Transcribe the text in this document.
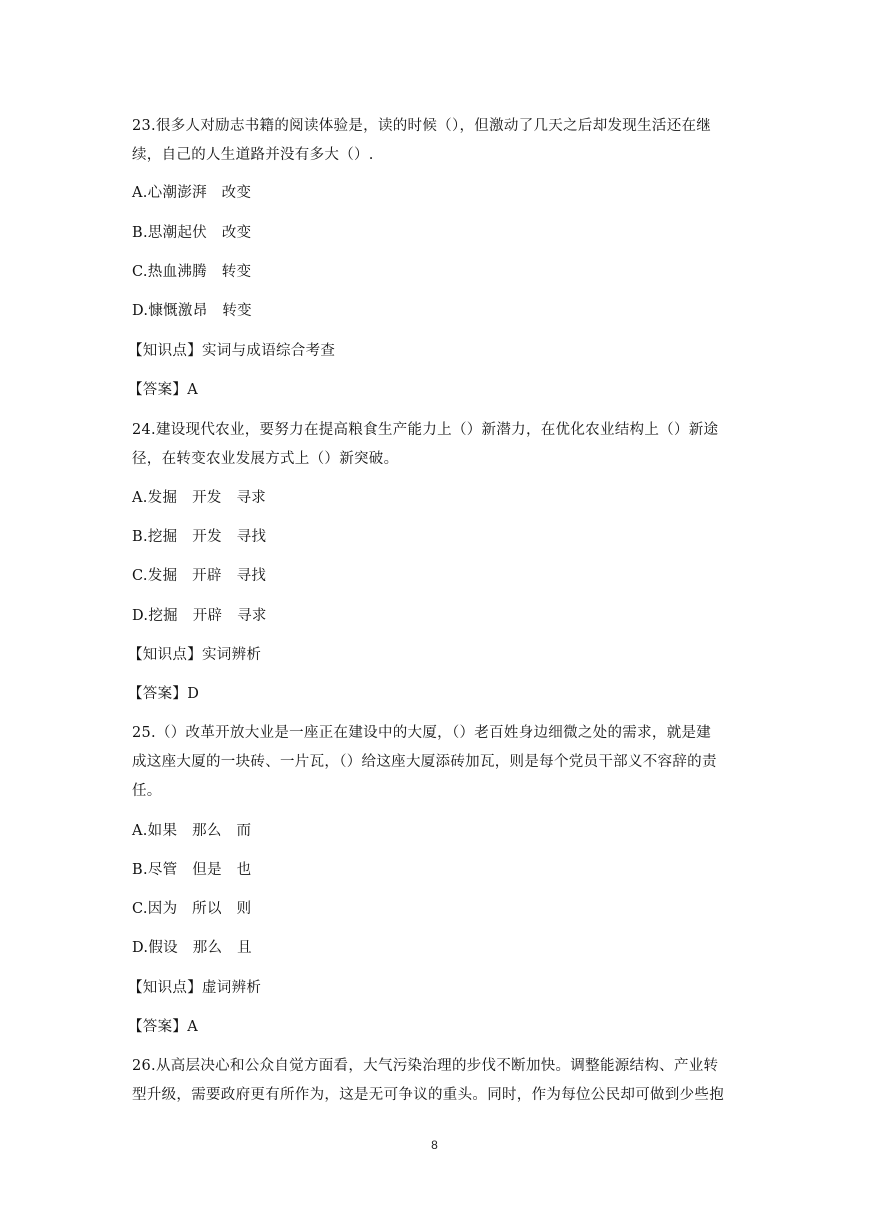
23.很多人对励志书籍的阅读体验是，读的时候（），但激动了几天之后却发现生活还在继
续，自己的人生道路并没有多大（）.
A.心潮澎湃　改变
B.思潮起伏　改变
C.热血沸腾　转变
D.慷慨激昂　转变
【知识点】实词与成语综合考查
【答案】A
24.建设现代农业，要努力在提高粮食生产能力上（）新潜力，在优化农业结构上（）新途
径，在转变农业发展方式上（）新突破。
A.发掘　开发　寻求
B.挖掘　开发　寻找
C.发掘　开辟　寻找
D.挖掘　开辟　寻求
【知识点】实词辨析
【答案】D
25.（）改革开放大业是一座正在建设中的大厦，（）老百姓身边细微之处的需求，就是建
成这座大厦的一块砖、一片瓦，（）给这座大厦添砖加瓦，则是每个党员干部义不容辞的责
任。
A.如果　那么　而
B.尽管　但是　也
C.因为　所以　则
D.假设　那么　且
【知识点】虚词辨析
【答案】A
26.从高层决心和公众自觉方面看，大气污染治理的步伐不断加快。调整能源结构、产业转
型升级，需要政府更有所作为，这是无可争议的重头。同时，作为每位公民却可做到少些抱
8
